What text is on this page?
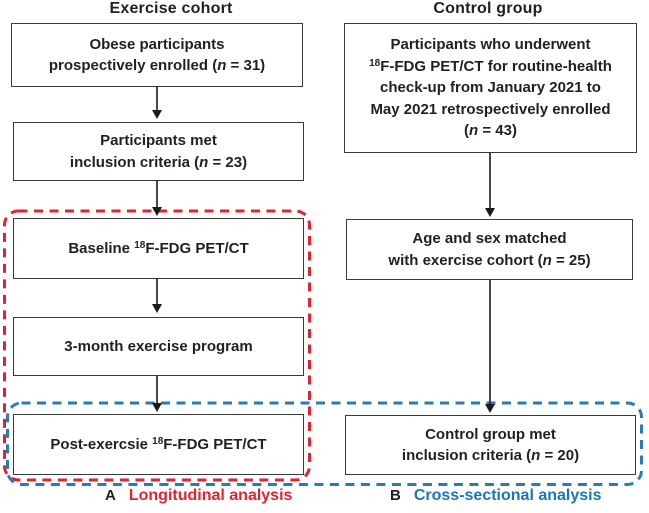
Exercise cohort	Control group
Obese participants
prospectively enrolled (n = 31)
Participants met
inclusion criteria (n = 23)
Baseline $^{18}$F-FDG PET/CT
3-month exercise program
Post-exercsie $^{18}$F-FDG PET/CT
Participants who underwent
$^{18}$F-FDG PET/CT for routine-health
check-up from January 2021 to
May 2021 retrospectively enrolled
(n = 43)
Age and sex matched
with exercise cohort (n = 25)
Control group met
inclusion criteria (n = 20)
A Longitudinal analysis	B Cross-sectional analysis
